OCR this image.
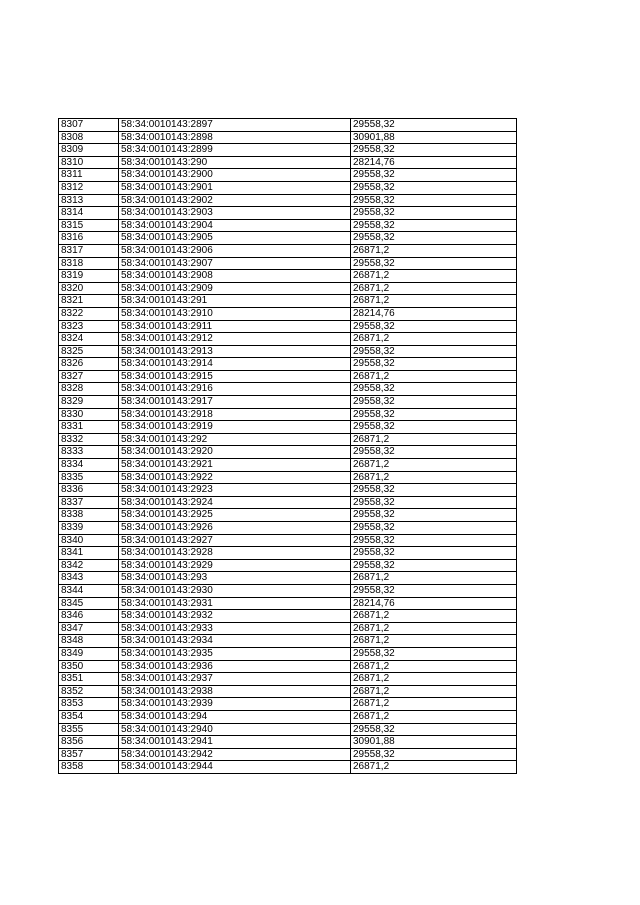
8307	58:34:0010143:2897	29558,32
8308	58:34:0010143:2898	30901,88
8309	58:34:0010143:2899	29558,32
8310	58:34:0010143:290	28214,76
8311	58:34:0010143:2900	29558,32
8312	58:34:0010143:2901	29558,32
8313	58:34:0010143:2902	29558,32
8314	58:34:0010143:2903	29558,32
8315	58:34:0010143:2904	29558,32
8316	58:34:0010143:2905	29558,32
8317	58:34:0010143:2906	26871,2
8318	58:34:0010143:2907	29558,32
8319	58:34:0010143:2908	26871,2
8320	58:34:0010143:2909	26871,2
8321	58:34:0010143:291	26871,2
8322	58:34:0010143:2910	28214,76
8323	58:34:0010143:2911	29558,32
8324	58:34:0010143:2912	26871,2
8325	58:34:0010143:2913	29558,32
8326	58:34:0010143:2914	29558,32
8327	58:34:0010143:2915	26871,2
8328	58:34:0010143:2916	29558,32
8329	58:34:0010143:2917	29558,32
8330	58:34:0010143:2918	29558,32
8331	58:34:0010143:2919	29558,32
8332	58:34:0010143:292	26871,2
8333	58:34:0010143:2920	29558,32
8334	58:34:0010143:2921	26871,2
8335	58:34:0010143:2922	26871,2
8336	58:34:0010143:2923	29558,32
8337	58:34:0010143:2924	29558,32
8338	58:34:0010143:2925	29558,32
8339	58:34:0010143:2926	29558,32
8340	58:34:0010143:2927	29558,32
8341	58:34:0010143:2928	29558,32
8342	58:34:0010143:2929	29558,32
8343	58:34:0010143:293	26871,2
8344	58:34:0010143:2930	29558,32
8345	58:34:0010143:2931	28214,76
8346	58:34:0010143:2932	26871,2
8347	58:34:0010143:2933	26871,2
8348	58:34:0010143:2934	26871,2
8349	58:34:0010143:2935	29558,32
8350	58:34:0010143:2936	26871,2
8351	58:34:0010143:2937	26871,2
8352	58:34:0010143:2938	26871,2
8353	58:34:0010143:2939	26871,2
8354	58:34:0010143:294	26871,2
8355	58:34:0010143:2940	29558,32
8356	58:34:0010143:2941	30901,88
8357	58:34:0010143:2942	29558,32
8358	58:34:0010143:2944	26871,2
